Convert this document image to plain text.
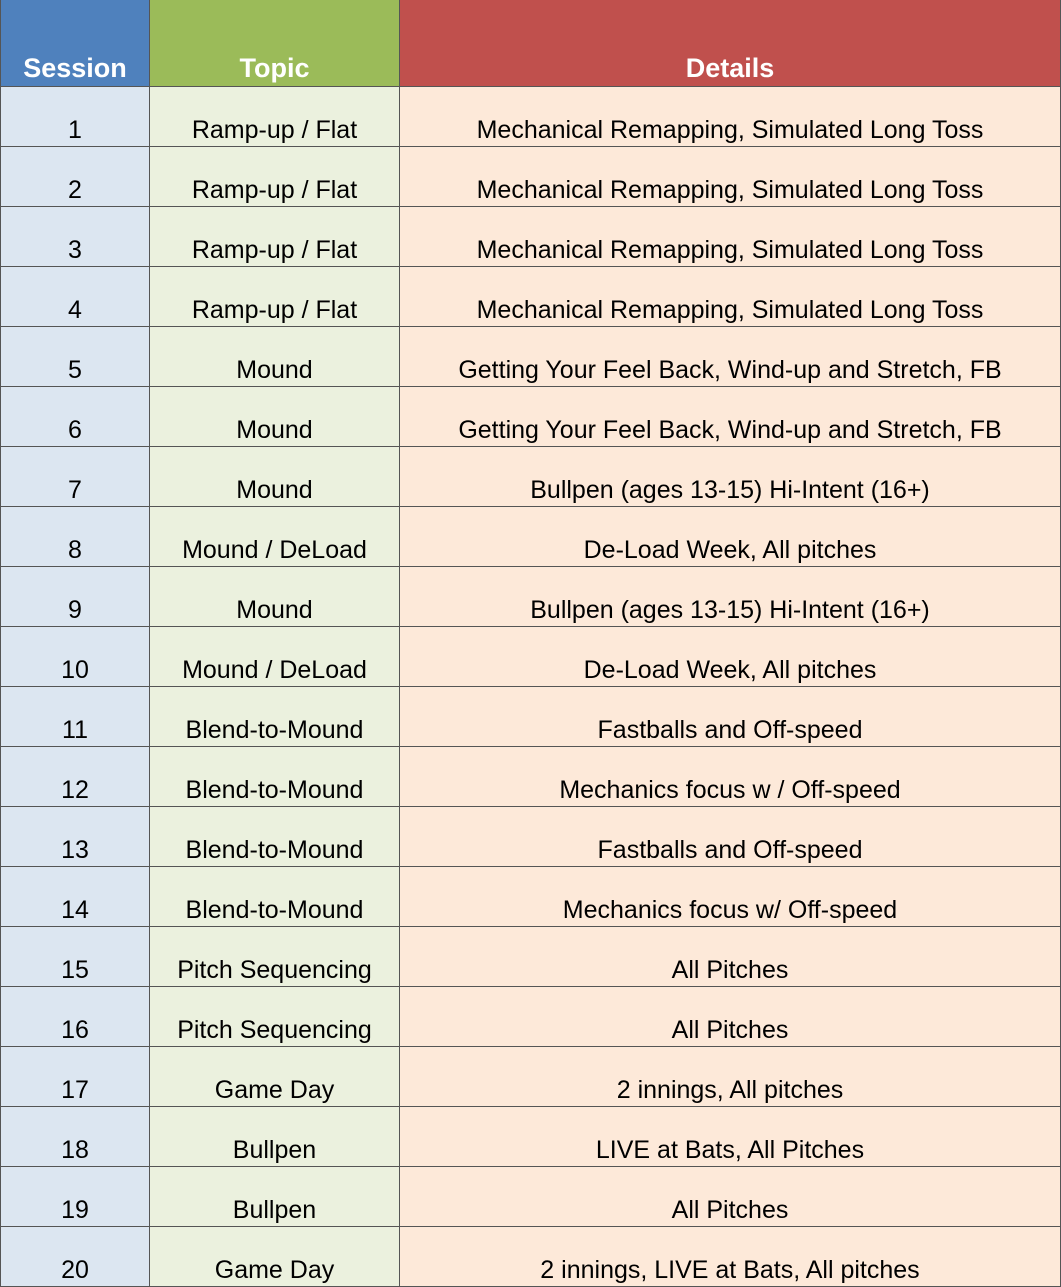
Session	Topic	Details
1	Ramp-up / Flat	Mechanical Remapping, Simulated Long Toss
2	Ramp-up / Flat	Mechanical Remapping, Simulated Long Toss
3	Ramp-up / Flat	Mechanical Remapping, Simulated Long Toss
4	Ramp-up / Flat	Mechanical Remapping, Simulated Long Toss
5	Mound	Getting Your Feel Back, Wind-up and Stretch, FB
6	Mound	Getting Your Feel Back, Wind-up and Stretch, FB
7	Mound	Bullpen (ages 13-15) Hi-Intent (16+)
8	Mound / DeLoad	De-Load Week, All pitches
9	Mound	Bullpen (ages 13-15) Hi-Intent (16+)
10	Mound / DeLoad	De-Load Week, All pitches
11	Blend-to-Mound	Fastballs and Off-speed
12	Blend-to-Mound	Mechanics focus w / Off-speed
13	Blend-to-Mound	Fastballs and Off-speed
14	Blend-to-Mound	Mechanics focus w/ Off-speed
15	Pitch Sequencing	All Pitches
16	Pitch Sequencing	All Pitches
17	Game Day	2 innings, All pitches
18	Bullpen	LIVE at Bats, All Pitches
19	Bullpen	All Pitches
20	Game Day	2 innings, LIVE at Bats, All pitches
